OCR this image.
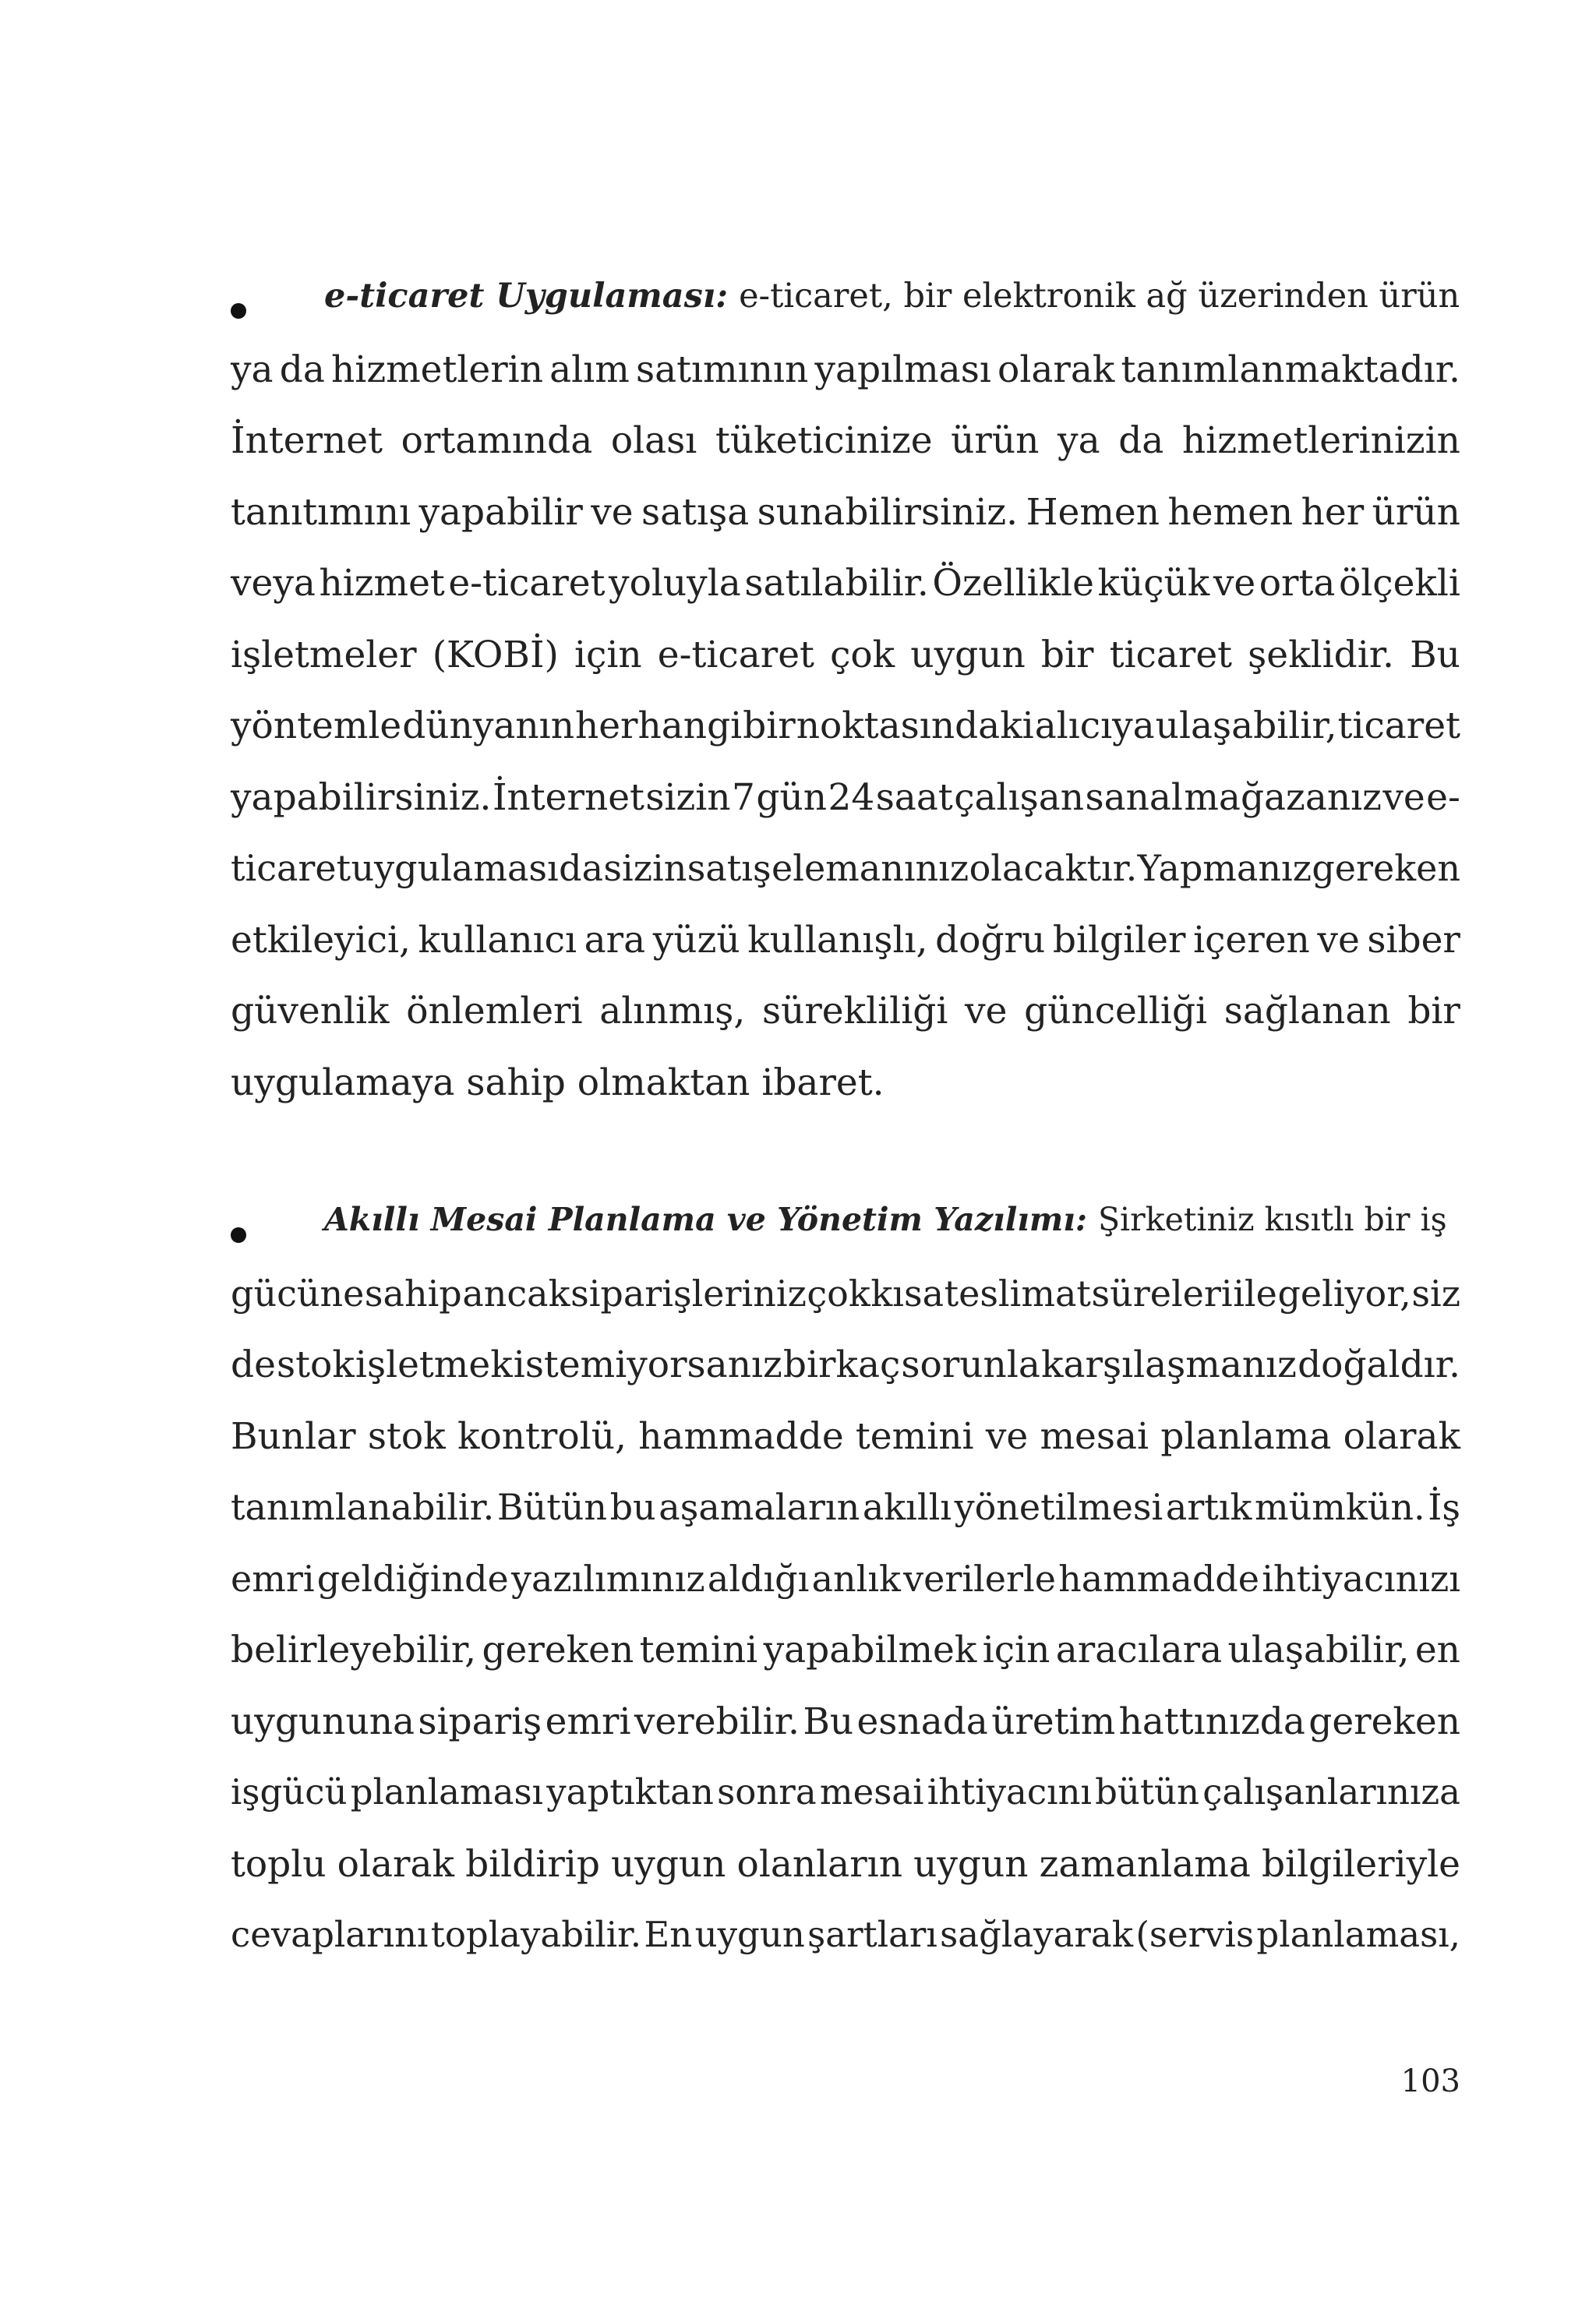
e-ticaret Uygulaması: e-ticaret, bir elektronik ağ üzerinden ürün
ya da hizmetlerin alım satımının yapılması olarak tanımlanmaktadır.
İnternet ortamında olası tüketicinize ürün ya da hizmetlerinizin
tanıtımını yapabilir ve satışa sunabilirsiniz. Hemen hemen her ürün
veya hizmet e-ticaret yoluyla satılabilir. Özellikle küçük ve orta ölçekli
işletmeler (KOBİ) için e-ticaret çok uygun bir ticaret şeklidir. Bu
yöntemle dünyanın herhangi bir noktasındaki alıcıya ulaşabilir, ticaret
yapabilirsiniz. İnternet sizin 7 gün 24 saat çalışan sanal mağazanız ve e-
ticaret uygulaması da sizin satış elemanınız olacaktır. Yapmanız gereken
etkileyici, kullanıcı ara yüzü kullanışlı, doğru bilgiler içeren ve siber
güvenlik önlemleri alınmış, sürekliliği ve güncelliği sağlanan bir
uygulamaya sahip olmaktan ibaret.
Akıllı Mesai Planlama ve Yönetim Yazılımı: Şirketiniz kısıtlı bir iş
gücüne sahip ancak siparişleriniz çok kısa teslimat süreleri ile geliyor, siz
de stok işletmek istemiyorsanız birkaç sorunla karşılaşmanız doğaldır.
Bunlar stok kontrolü, hammadde temini ve mesai planlama olarak
tanımlanabilir. Bütün bu aşamaların akıllı yönetilmesi artık mümkün. İş
emri geldiğinde yazılımınız aldığı anlık verilerle hammadde ihtiyacınızı
belirleyebilir, gereken temini yapabilmek için aracılara ulaşabilir, en
uygununa sipariş emri verebilir. Bu esnada üretim hattınızda gereken
işgücü planlaması yaptıktan sonra mesai ihtiyacını bütün çalışanlarınıza
toplu olarak bildirip uygun olanların uygun zamanlama bilgileriyle
cevaplarını toplayabilir. En uygun şartları sağlayarak (servis planlaması,
103
